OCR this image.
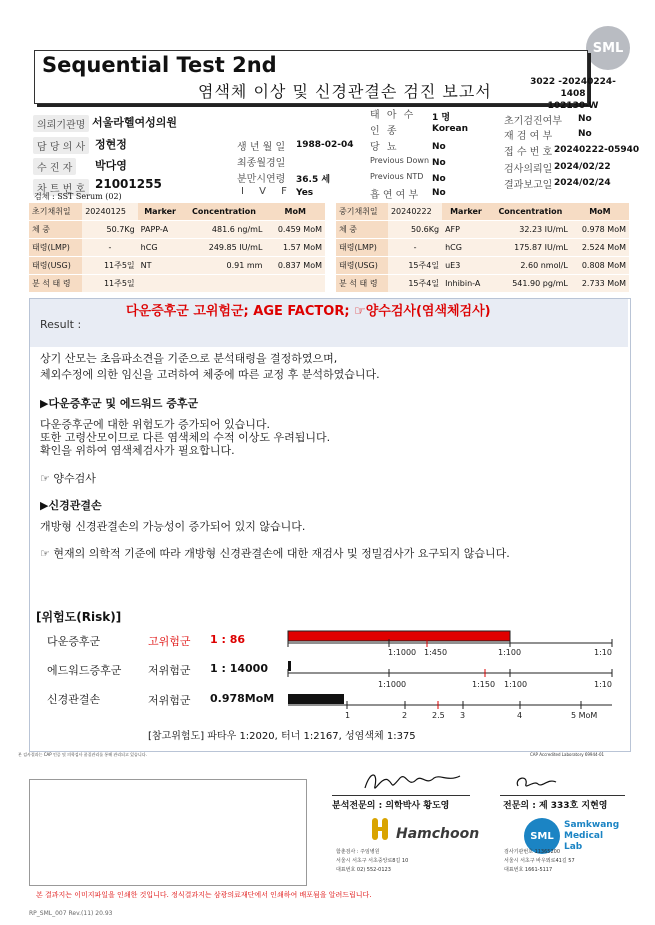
SML
Sequential Test 2nd
염색체 이상 및 신경관결손 검진 보고서	3022 -20240224-1408
102130-W
의뢰기관명 서울라헬여성의원
담 당 의 사 정현정
수 진 자	박다영
차 트 번 호 21001255
검체 : SST Serum (02)
생 년 월 일 1988-02-04
최종월경일
분만시연령 36.5 세
I V F Yes
태 아 수 1 명
인 종	Korean
당 뇨	No
Previous Down No
Previous NTD No
흡 연 여 부 No
초기검진여부 No
재 검 여 부	No
접 수 번 호 20240222-05940
검사의뢰일 2024/02/22
결과보고일 2024/02/24
초기채취일	20240125	Marker	Concentration	MoM
체 중	50.7Kg	PAPP-A	481.6 ng/mL	0.459 MoM
태령(LMP)	-	hCG	249.85 IU/mL	1.57 MoM
태령(USG)	11주5일	NT	0.91 mm	0.837 MoM
분 석 태 령	11주5일			
중기채취일	20240222	Marker	Concentration	MoM
체 중	50.6Kg	AFP	32.23 IU/mL	0.978 MoM
태령(LMP)	-	hCG	175.87 IU/mL	2.524 MoM
태령(USG)	15주4일	uE3	2.60 nmol/L	0.808 MoM
분 석 태 령	15주4일	Inhibin-A	541.90 pg/mL	2.733 MoM
Result :
다운증후군 고위험군; AGE FACTOR; ☞양수검사(염색체검사)
상기 산모는 초음파소견을 기준으로 분석태령을 결정하였으며,
체외수정에 의한 임신을 고려하여 체중에 따른 교정 후 분석하였습니다.
▶다운증후군 및 에드워드 증후군
다운증후군에 대한 위험도가 증가되어 있습니다.
또한 고령산모이므로 다른 염색체의 수적 이상도 우려됩니다.
확인을 위하여 염색체검사가 필요합니다.
☞ 양수검사
▶신경관결손
개방형 신경관결손의 가능성이 증가되어 있지 않습니다.
☞ 현재의 의학적 기준에 따라 개방형 신경관결손에 대한 재검사 및 정밀검사가 요구되지 않습니다.
[위험도(Risk)]
다운증후군	고위험군 1 : 86
에드워드증후군 저위험군 1 : 14000
신경관결손	저위험군 0.978MoM
1:1000 1:450	1:100	1:10
1:1000	1:150 1:100	1:10
1	2	2.5 3	4	5 MoM
[참고위험도] 파타우 1:2020, 터너 1:2167, 성염색체 1:375
본 검사결과는 CAP 인증 및 의학검사 품질관리를 통해 관리되고 있습니다.	CAP Accredited Laboratory 69944-01
분석전문의 : 의학박사 황도영	전문의 : 제 333호 지현영
Hamchoon	SML
Samkwang Medical Lab
함춘검사 : 주임병원
서울시 서초구 서초중앙로8길 10
대표번호 02) 552-0123
검사기관번호 11365200
서울시 서초구 바우뫼로41길 57
대표번호 1661-5117
본 결과지는 이미지파일을 인쇄한 것입니다. 정식결과지는 삼광의료재단에서 인쇄하여 배포됨을 알려드립니다.
RP_SML_007 Rev.(11) 20.93
